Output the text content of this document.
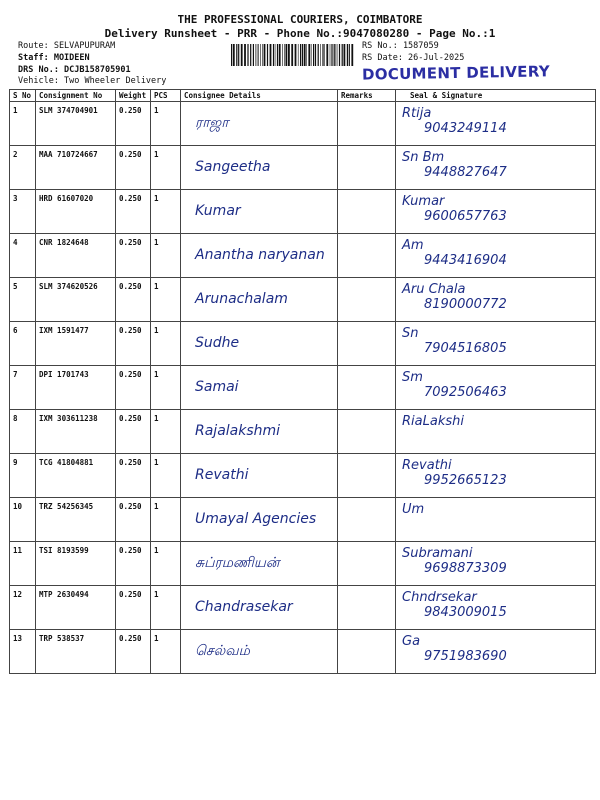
THE PROFESSIONAL COURIERS, COIMBATORE
Delivery Runsheet - PRR - Phone No.:9047080280 - Page No.:1
Route: SELVAPUPURAM
Staff: MOIDEEN
DRS No.: DCJB158705901
Vehicle: Two Wheeler Delivery
RS No.: 1587059
RS Date: 26-Jul-2025
DOCUMENT DELIVERY
S No	Consignment No	Weight	PCS	Consignee Details	Remarks	Seal & Signature
1	SLM 374704901	0.250	1	ராஜா		Rtija
9043249114

2	MAA 710724667	0.250	1	Sangeetha		Sn Bm
9448827647

3	HRD 61607020	0.250	1	Kumar		Kumar
9600657763

4	CNR 1824648	0.250	1	Anantha naryanan		Am
9443416904

5	SLM 374620526	0.250	1	Arunachalam		Aru Chala
8190000772

6	IXM 1591477	0.250	1	Sudhe		Sn
7904516805

7	DPI 1701743	0.250	1	Samai		Sm
7092506463

8	IXM 303611238	0.250	1	Rajalakshmi		RiaLakshi

9	TCG 41804881	0.250	1	Revathi		Revathi
9952665123

10	TRZ 54256345	0.250	1	Umayal Agencies		Um

11	TSI 8193599	0.250	1	சுப்ரமணியன்		Subramani
9698873309

12	MTP 2630494	0.250	1	Chandrasekar		Chndrsekar
9843009015

13	TRP 538537	0.250	1	செல்வம்		Ga
9751983690
